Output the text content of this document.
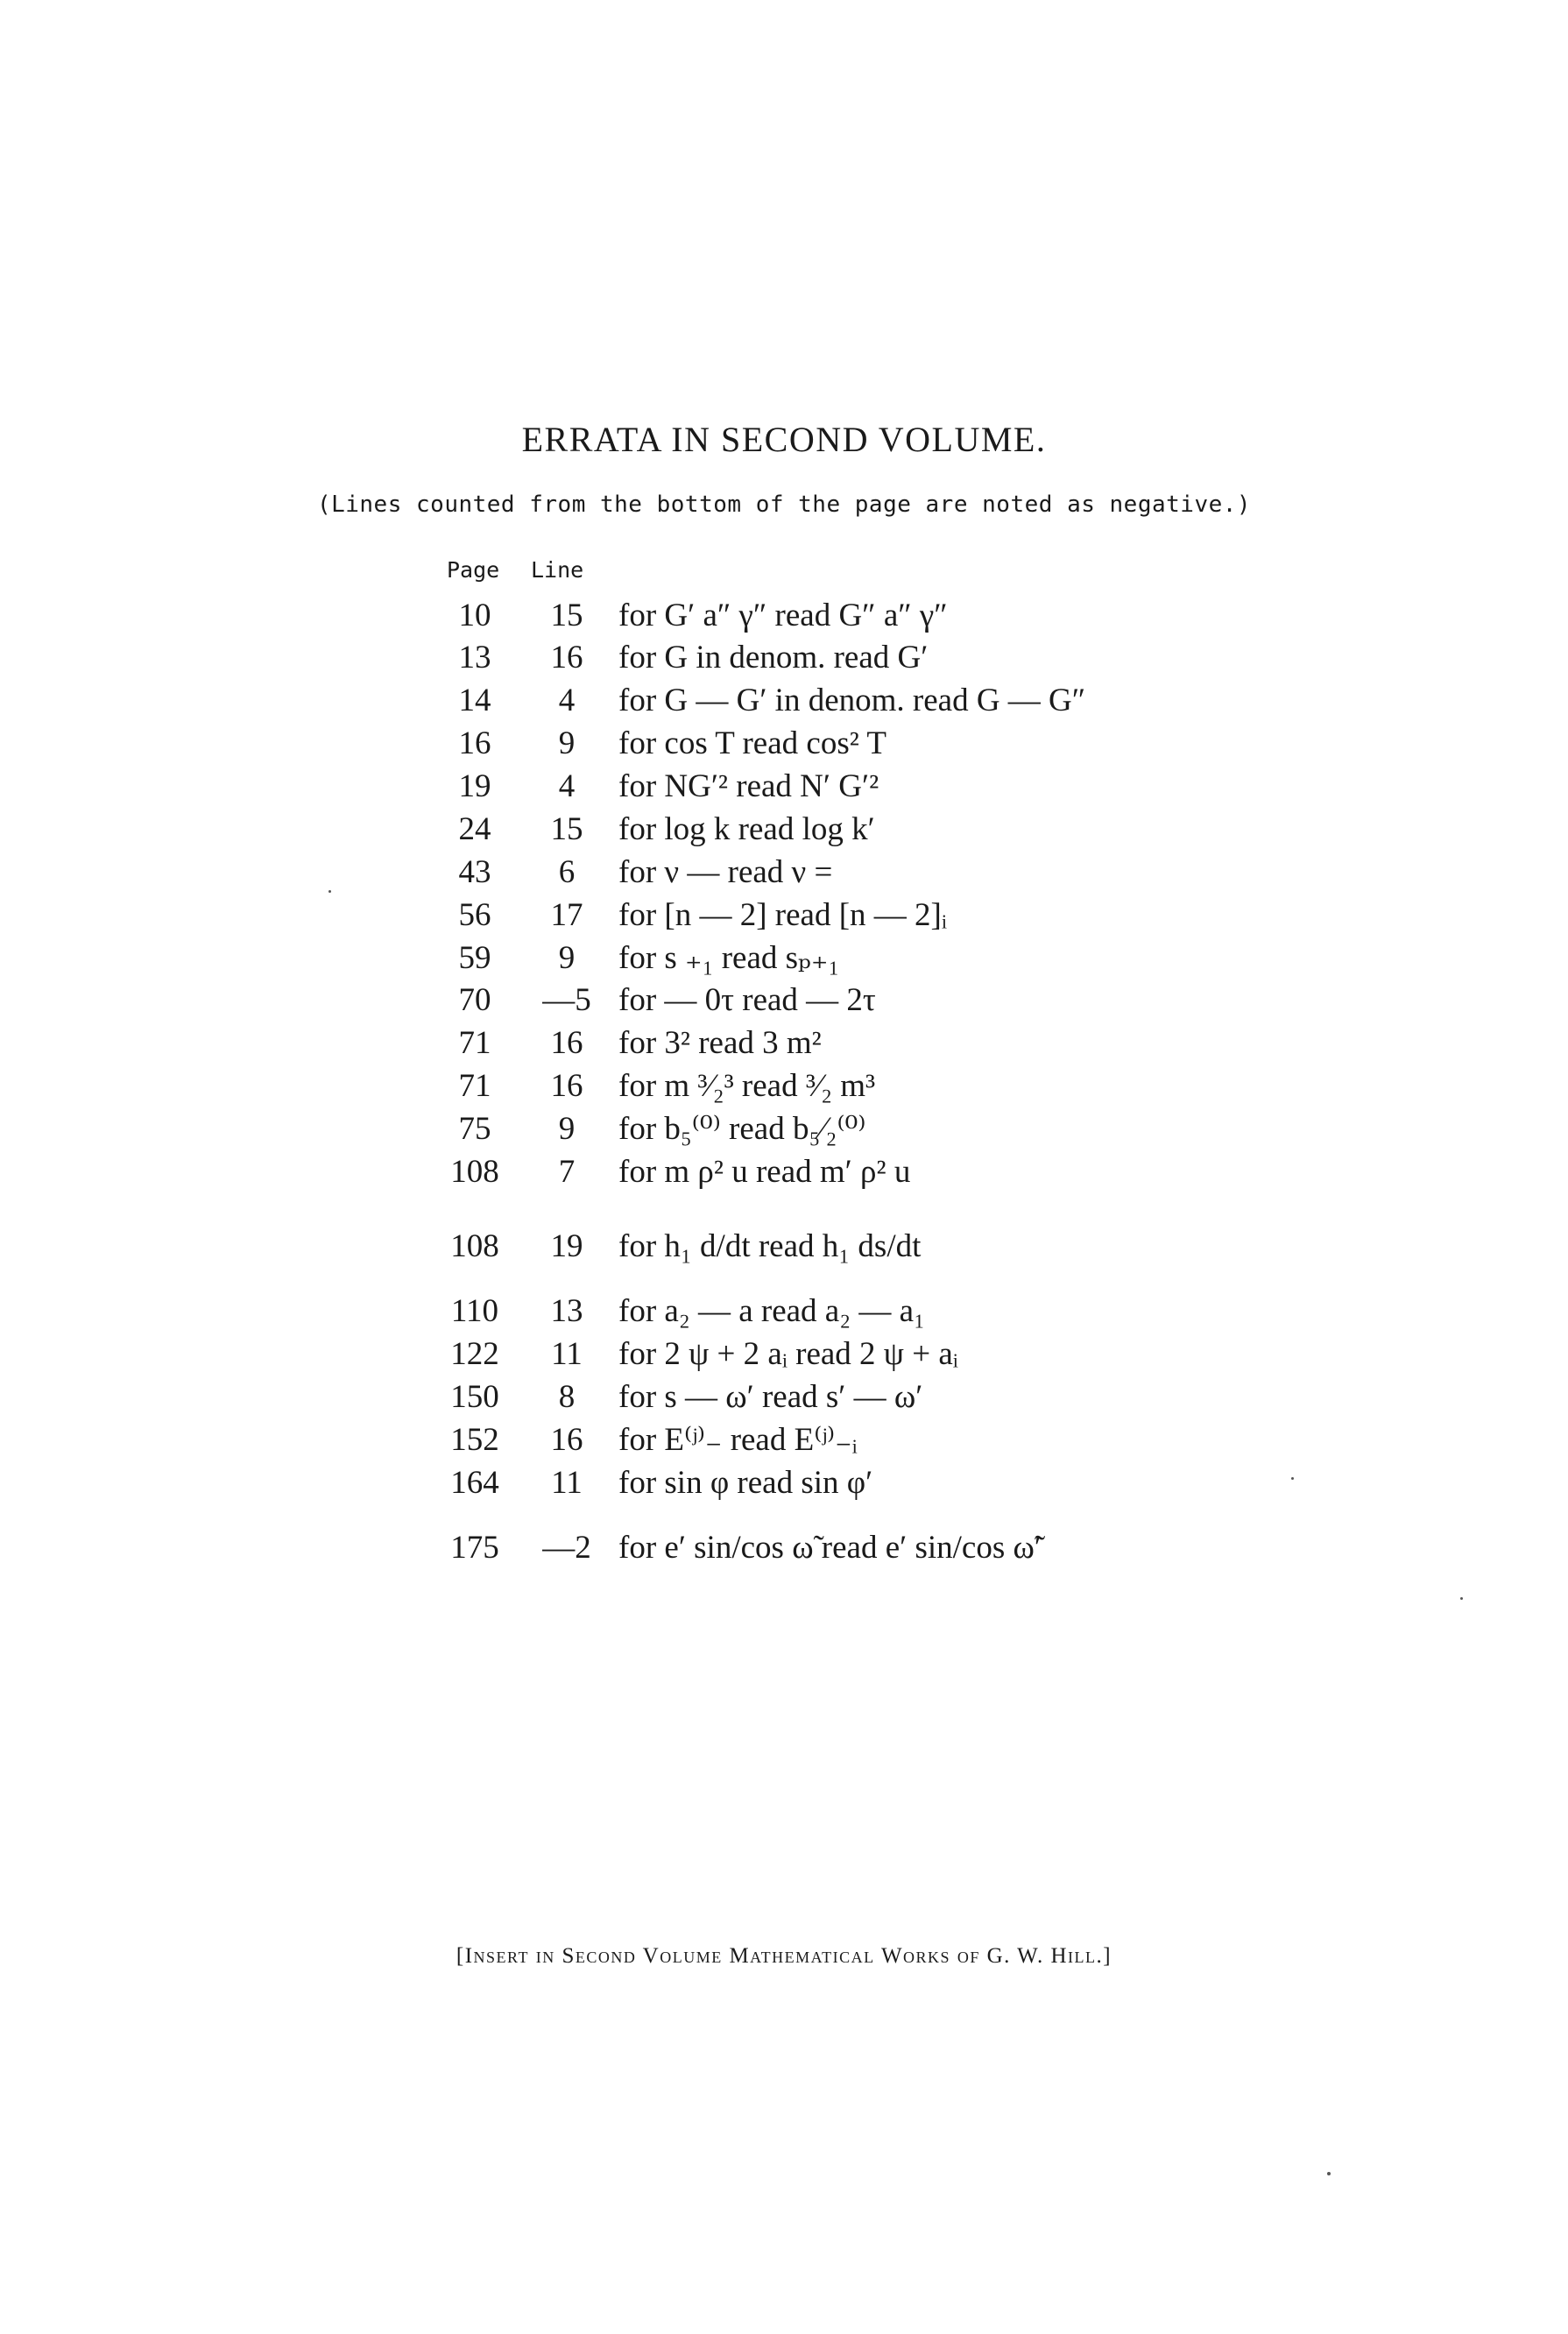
ERRATA IN SECOND VOLUME.
(Lines counted from the bottom of the page are noted as negative.)
Page Line
10	15	for G′ a″ γ″ read G″ a″ γ″
13	16	for G in denom. read G′
14	4	for G — G′ in denom. read G — G″
16	9	for cos T read cos² T
19	4	for NG′² read N′ G′²
24	15	for log k read log k′
43	6	for ν — read ν =
56	17	for [n — 2] read [n — 2]ᵢ
59	9	for s ₊₁ read sₚ₊₁
70	—5 for — 0τ read — 2τ
71	16	for 3² read 3 m²
71	16	for m ³⁄₂³ read ³⁄₂ m³
75	9	for b₅⁽⁰⁾ read b₅⁄₂⁽⁰⁾
108	7	for m ρ² u read m′ ρ² u
108	19	for h₁ d/dt read h₁ ds/dt
110	13	for a₂ — a read a₂ — a₁
122	11	for 2 ψ + 2 aᵢ read 2 ψ + aᵢ
150	8	for s — ω′ read s′ — ω′
152	16	for E⁽ʲ⁾₋ read E⁽ʲ⁾₋ᵢ
164	11	for sin φ read sin φ′
175	—2 for e′ sin/cos ω̃ read e′ sin/cos ω̃′
[Insert in Second Volume Mathematical Works of G. W. Hill.]
